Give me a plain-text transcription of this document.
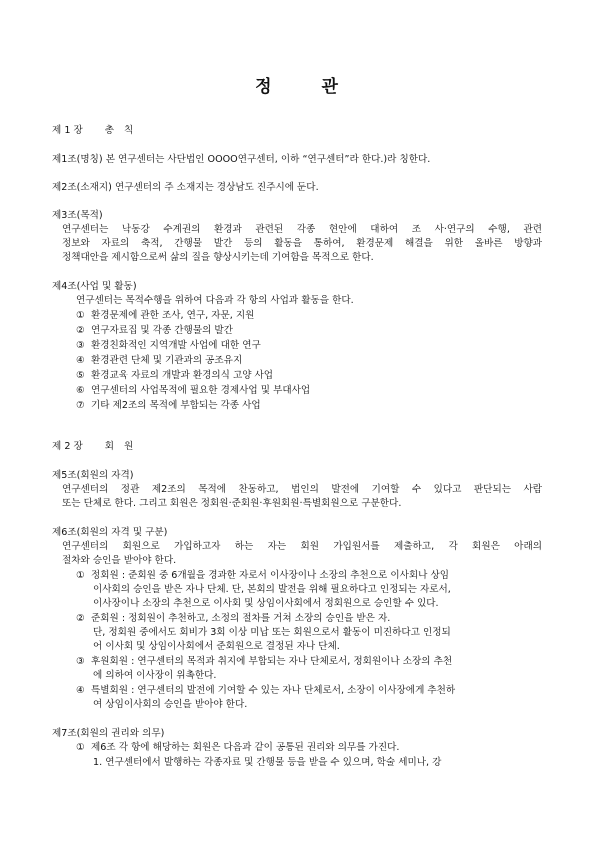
정	관
제 1 장 총 칙
제1조(명칭) 본 연구센터는 사단법인 OOOO연구센터, 이하 “연구센터”라 한다.)라 칭한다.
제2조(소재지) 연구센터의 주 소재지는 경상남도 진주시에 둔다.
제3조(목적)
연구센터는 낙동강 수계권의 환경과 관련된 각종 현안에 대하여 조 사·연구의 수행, 관련
정보와 자료의 축적, 간행물 발간 등의 활동을 통하여, 환경문제 해결을 위한 올바른 방향과
정책대안을 제시함으로써 삶의 질을 향상시키는데 기여함을 목적으로 한다.
제4조(사업 및 활동)
연구센터는 목적수행을 위하여 다음과 각 항의 사업과 활동을 한다.
① 환경문제에 관한 조사, 연구, 자문, 지원
② 연구자료집 및 각종 간행물의 발간
③ 환경친화적인 지역개발 사업에 대한 연구
④ 환경관련 단체 및 기관과의 공조유지
⑤ 환경교육 자료의 개발과 환경의식 고양 사업
⑥ 연구센터의 사업목적에 필요한 경제사업 및 부대사업
⑦ 기타 제2조의 목적에 부합되는 각종 사업
제 2 장 회 원
제5조(회원의 자격)
연구센터의 정관 제2조의 목적에 찬동하고, 법인의 발전에 기여할 수 있다고 판단되는 사람
또는 단체로 한다. 그리고 회원은 정회원·준회원·후원회원·특별회원으로 구분한다.
제6조(회원의 자격 및 구분)
연구센터의 회원으로 가입하고자 하는 자는 회원 가입원서를 제출하고, 각 회원은 아래의
절차와 승인을 받아야 한다.
① 정회원 : 준회원 중 6개월을 경과한 자로서 이사장이나 소장의 추천으로 이사회나 상임
이사회의 승인을 받은 자나 단체. 단, 본회의 발전을 위해 필요하다고 인정되는 자로서,
이사장이나 소장의 추천으로 이사회 및 상임이사회에서 정회원으로 승인할 수 있다.
② 준회원 : 정회원이 추천하고, 소정의 절차를 거쳐 소장의 승인을 받은 자.
단, 정회원 중에서도 회비가 3회 이상 미납 또는 회원으로서 활동이 미진하다고 인정되
어 이사회 및 상임이사회에서 준회원으로 결정된 자나 단체.
③ 후원회원 : 연구센터의 목적과 취지에 부합되는 자나 단체로서, 정회원이나 소장의 추천
에 의하여 이사장이 위촉한다.
④ 특별회원 : 연구센터의 발전에 기여할 수 있는 자나 단체로서, 소장이 이사장에게 추천하
여 상임이사회의 승인을 받아야 한다.
제7조(회원의 권리와 의무)
① 제6조 각 항에 해당하는 회원은 다음과 같이 공통된 권리와 의무를 가진다.
1. 연구센터에서 발행하는 각종자료 및 간행물 등을 받을 수 있으며, 학술 세미나, 강
